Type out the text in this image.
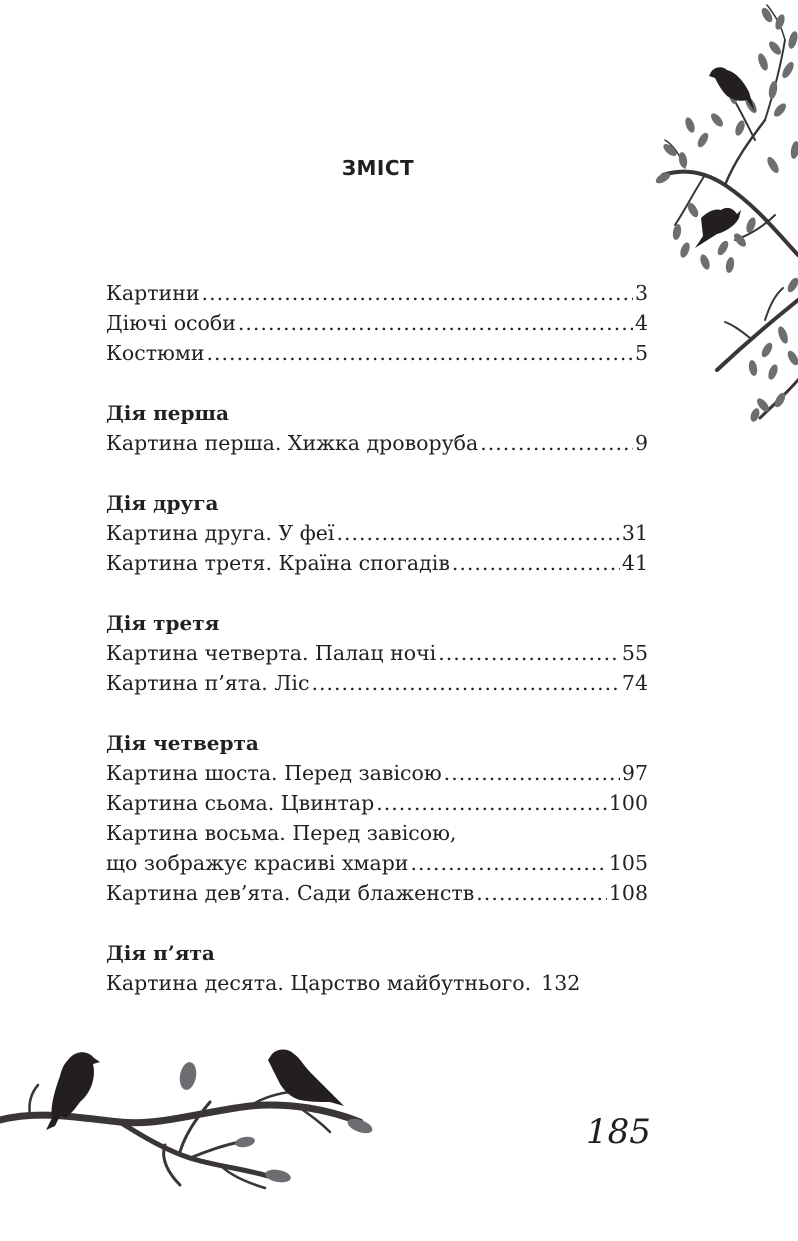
ЗМІСТ
Картини .....	3
Діючі особи .....	4
Костюми .....	5
Дія перша
Картина перша. Хижка дроворуба .....	9
Дія друга
Картина друга. У феї .....	31
Картина третя. Країна спогадів .....	41
Дія третя
Картина четверта. Палац ночі .....	55
Картина п’ята. Ліс .....	74
Дія четверта
Картина шоста. Перед завісою .....	97
Картина сьома. Цвинтар .....	100
Картина восьма. Перед завісою,
що зображує красиві хмари .....	105
Картина дев’ята. Сади блаженств .....	108
Дія п’ята
Картина десята. Царство майбутнього. 132
185
